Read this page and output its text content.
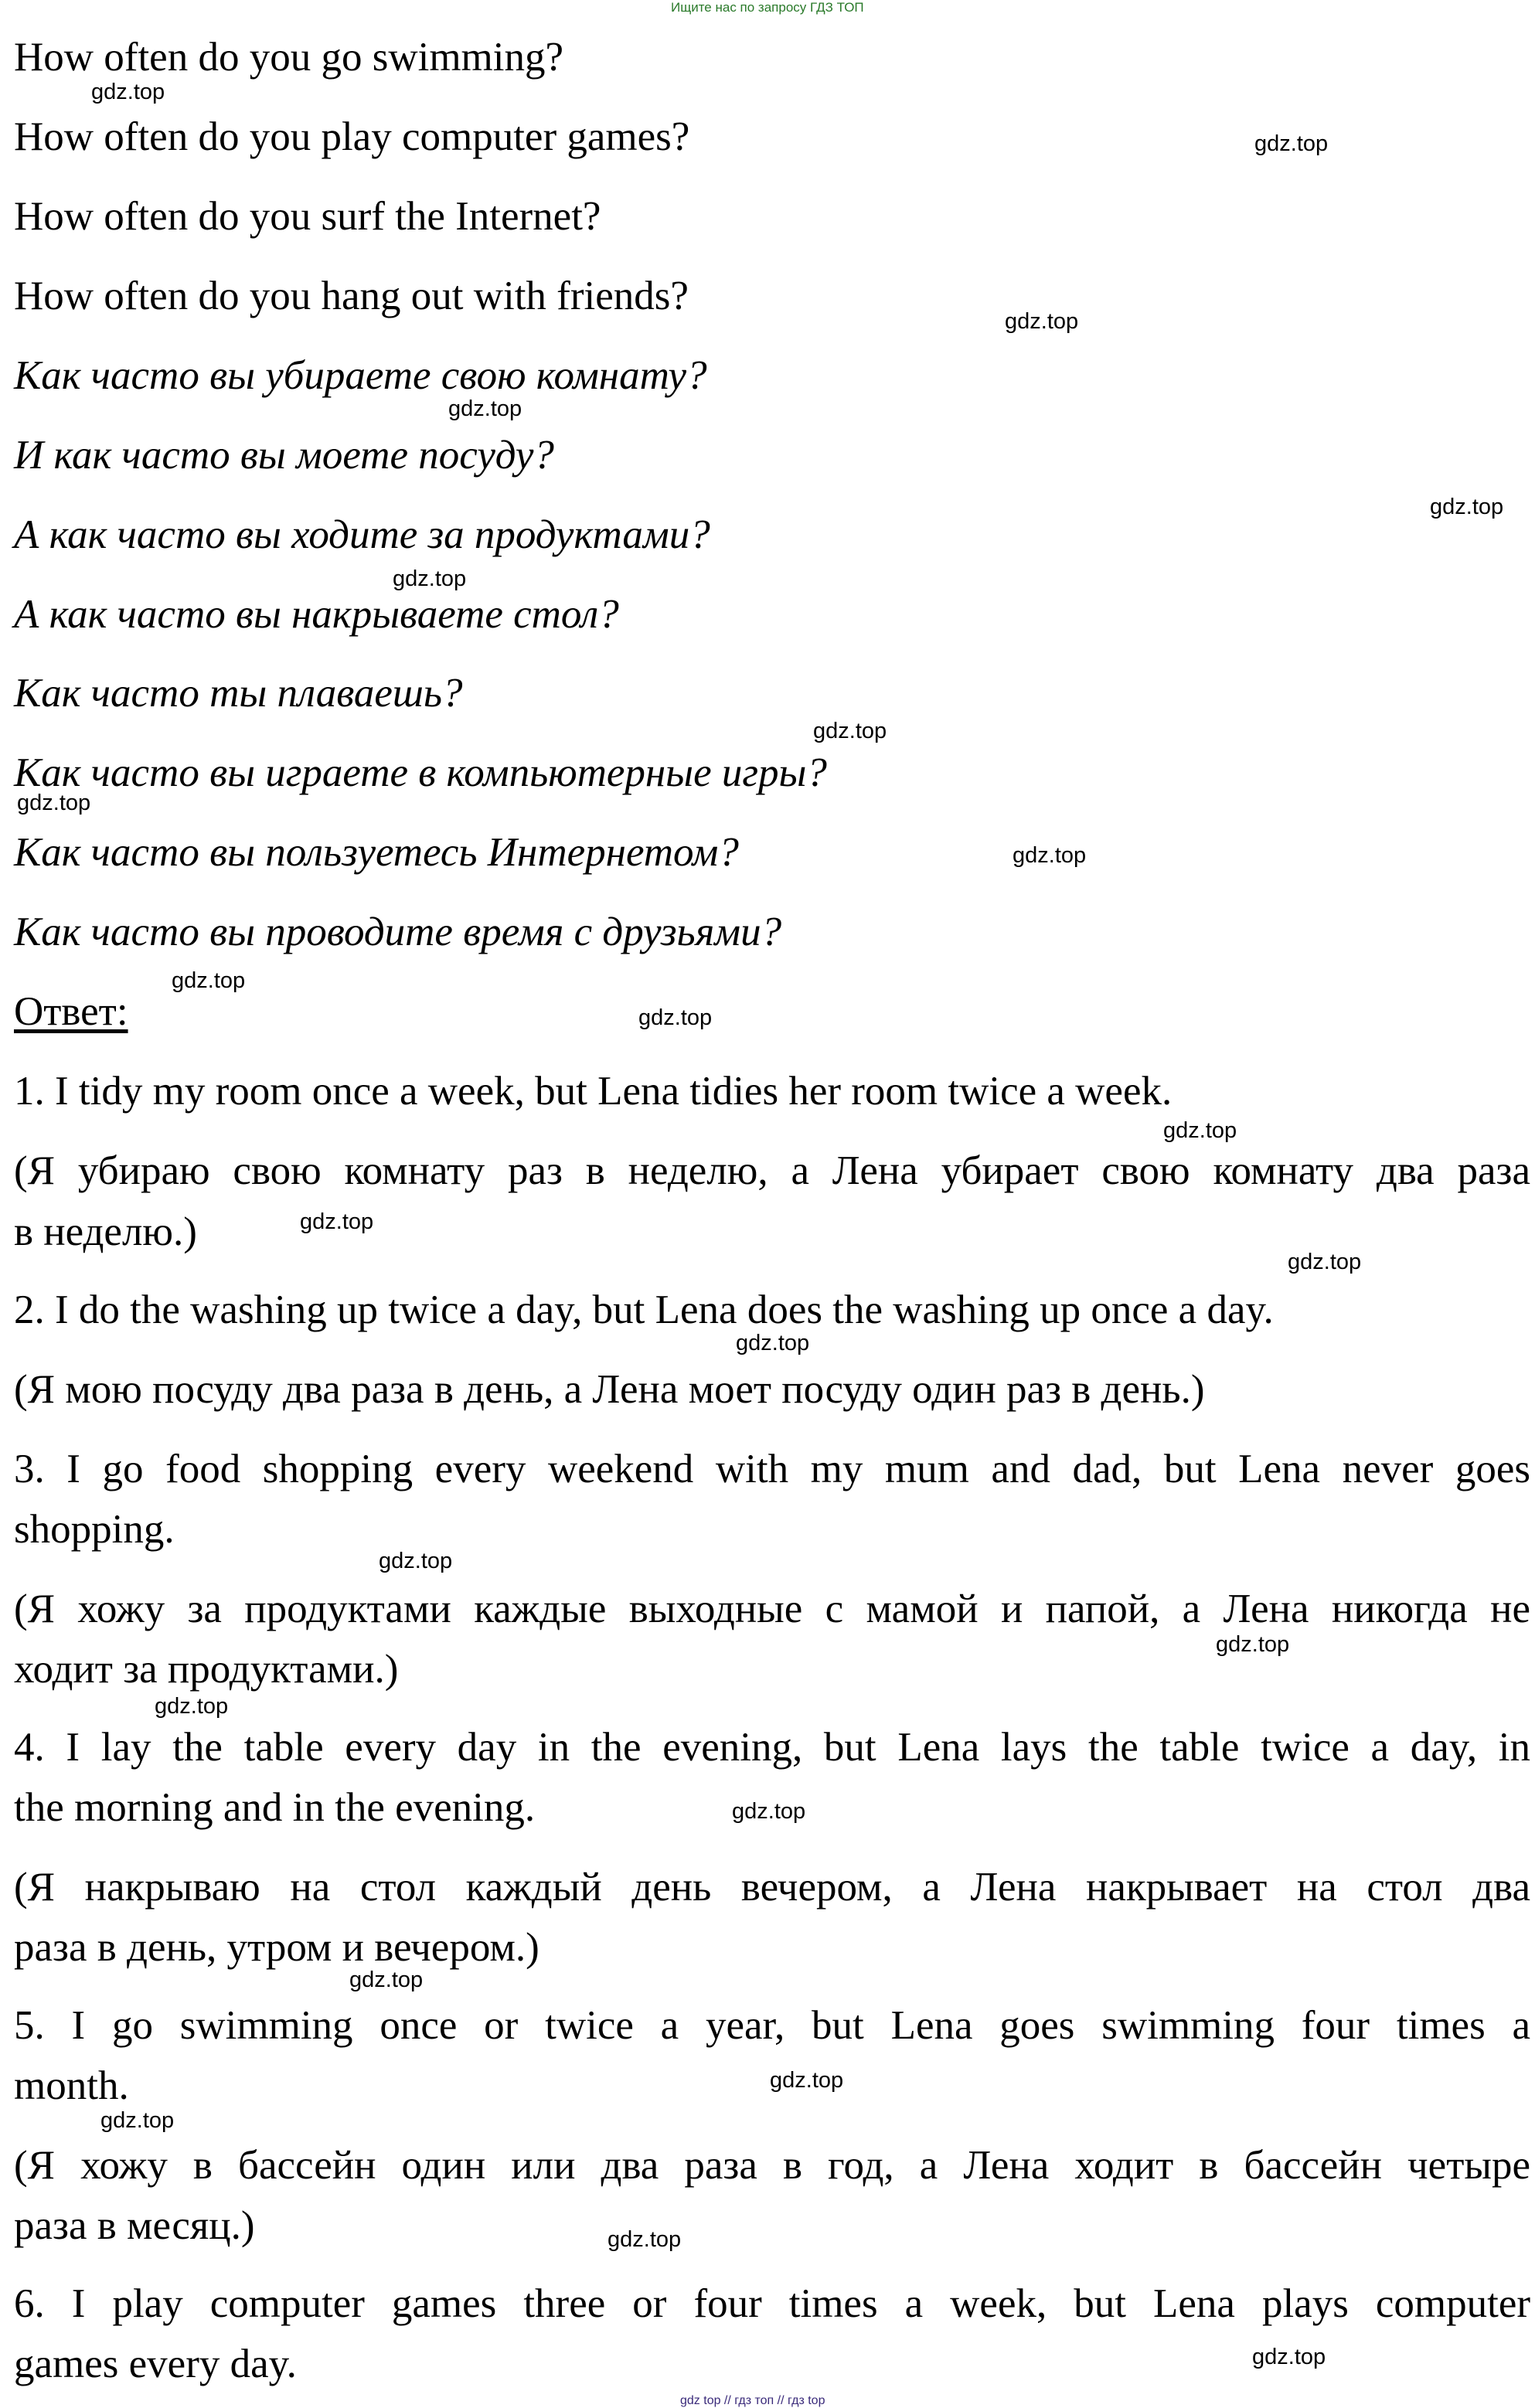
Ищите нас по запросу ГДЗ ТОП

How often do you go swimming?

How often do you play computer games?

How often do you surf the Internet?

How often do you hang out with friends?

Как часто вы убираете свою комнату?

И как часто вы моете посуду?

А как часто вы ходите за продуктами?

А как часто вы накрываете стол?

Как часто ты плаваешь?

Как часто вы играете в компьютерные игры?

Как часто вы пользуетесь Интернетом?

Как часто вы проводите время с друзьями?

Ответ:

1. I tidy my room once a week, but Lena tidies her room twice a week.

(Я убираю свою комнату раз в неделю, а Лена убирает свою комнату два раза

в неделю.)

2. I do the washing up twice a day, but Lena does the washing up once a day.

(Я мою посуду два раза в день, а Лена моет посуду один раз в день.)

3. I go food shopping every weekend with my mum and dad, but Lena never goes

shopping.

(Я хожу за продуктами каждые выходные с мамой и папой, а Лена никогда не

ходит за продуктами.)

4. I lay the table every day in the evening, but Lena lays the table twice a day, in

the morning and in the evening.

(Я накрываю на стол каждый день вечером, а Лена накрывает на стол два

раза в день, утром и вечером.)

5. I go swimming once or twice a year, but Lena goes swimming four times a

month.

(Я хожу в бассейн один или два раза в год, а Лена ходит в бассейн четыре

раза в месяц.)

6. I play computer games three or four times a week, but Lena plays computer

games every day.

gdz.top
gdz.top
gdz.top
gdz.top
gdz.top
gdz.top
gdz.top
gdz.top
gdz.top
gdz.top
gdz.top
gdz.top
gdz.top
gdz.top
gdz.top
gdz.top
gdz.top
gdz.top
gdz.top
gdz.top
gdz.top
gdz.top
gdz.top
gdz.top
gdz top // гдз топ // гдз top
